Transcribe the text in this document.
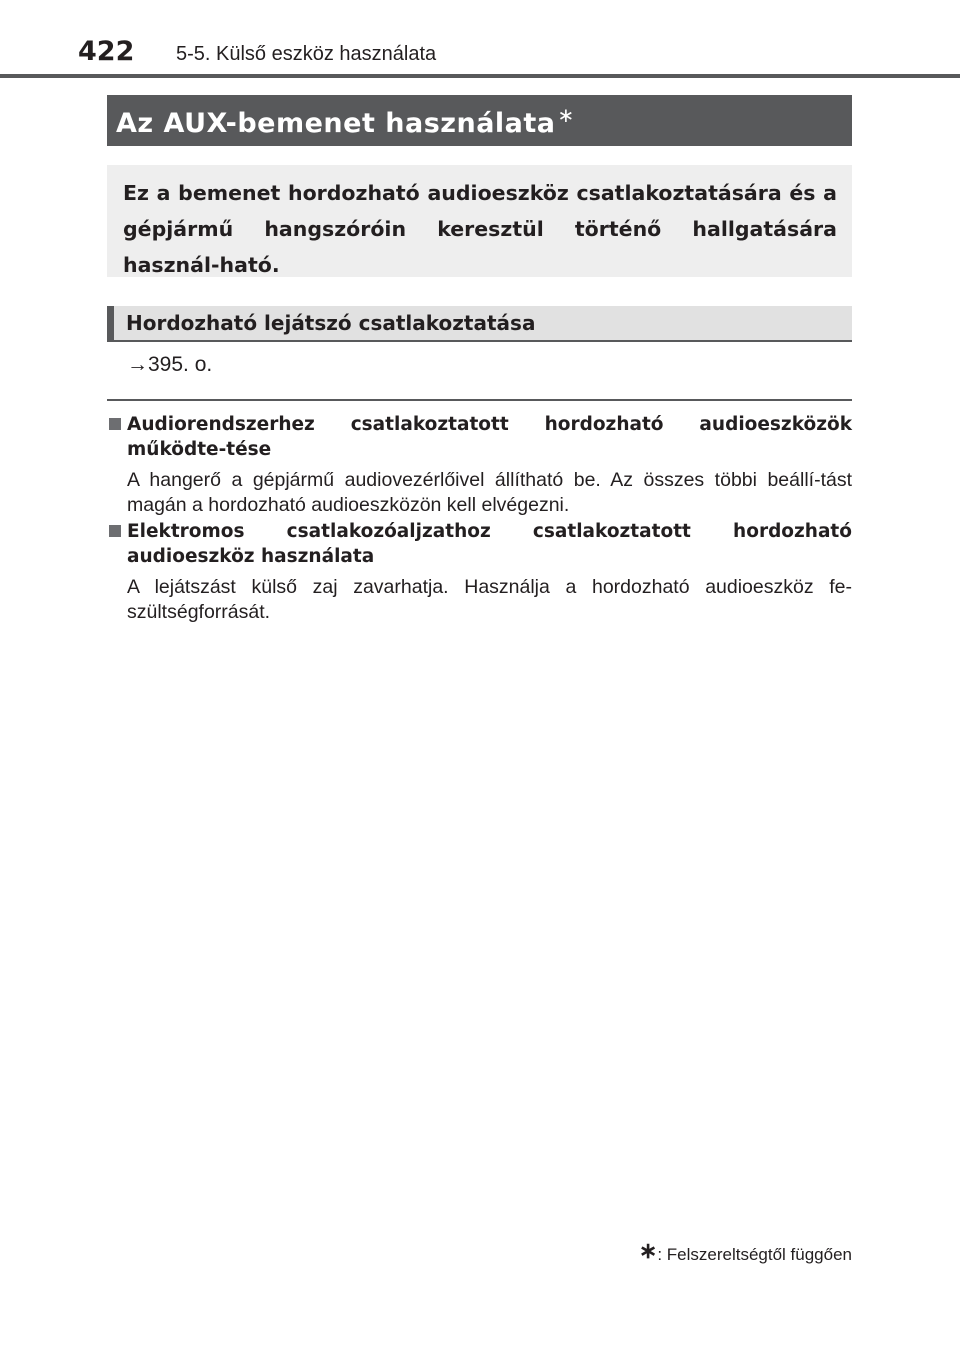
422 5-5. Külső eszköz használata
Az AUX-bemenet használata ∗
Ez a bemenet hordozható audioeszköz csatlakoztatására és a gépjármű hangszóróin keresztül történő hallgatására használ-ható.
Hordozható lejátszó csatlakoztatása
→395. o.
Audiorendszerhez csatlakoztatott hordozható audioeszközök működte-tése
A hangerő a gépjármű audiovezérlőivel állítható be. Az összes többi beállí-tást magán a hordozható audioeszközön kell elvégezni.
Elektromos csatlakozóaljzathoz csatlakoztatott hordozható audioeszköz használata
A lejátszást külső zaj zavarhatja. Használja a hordozható audioeszköz fe-szültségforrását.
∗: Felszereltségtől függően
